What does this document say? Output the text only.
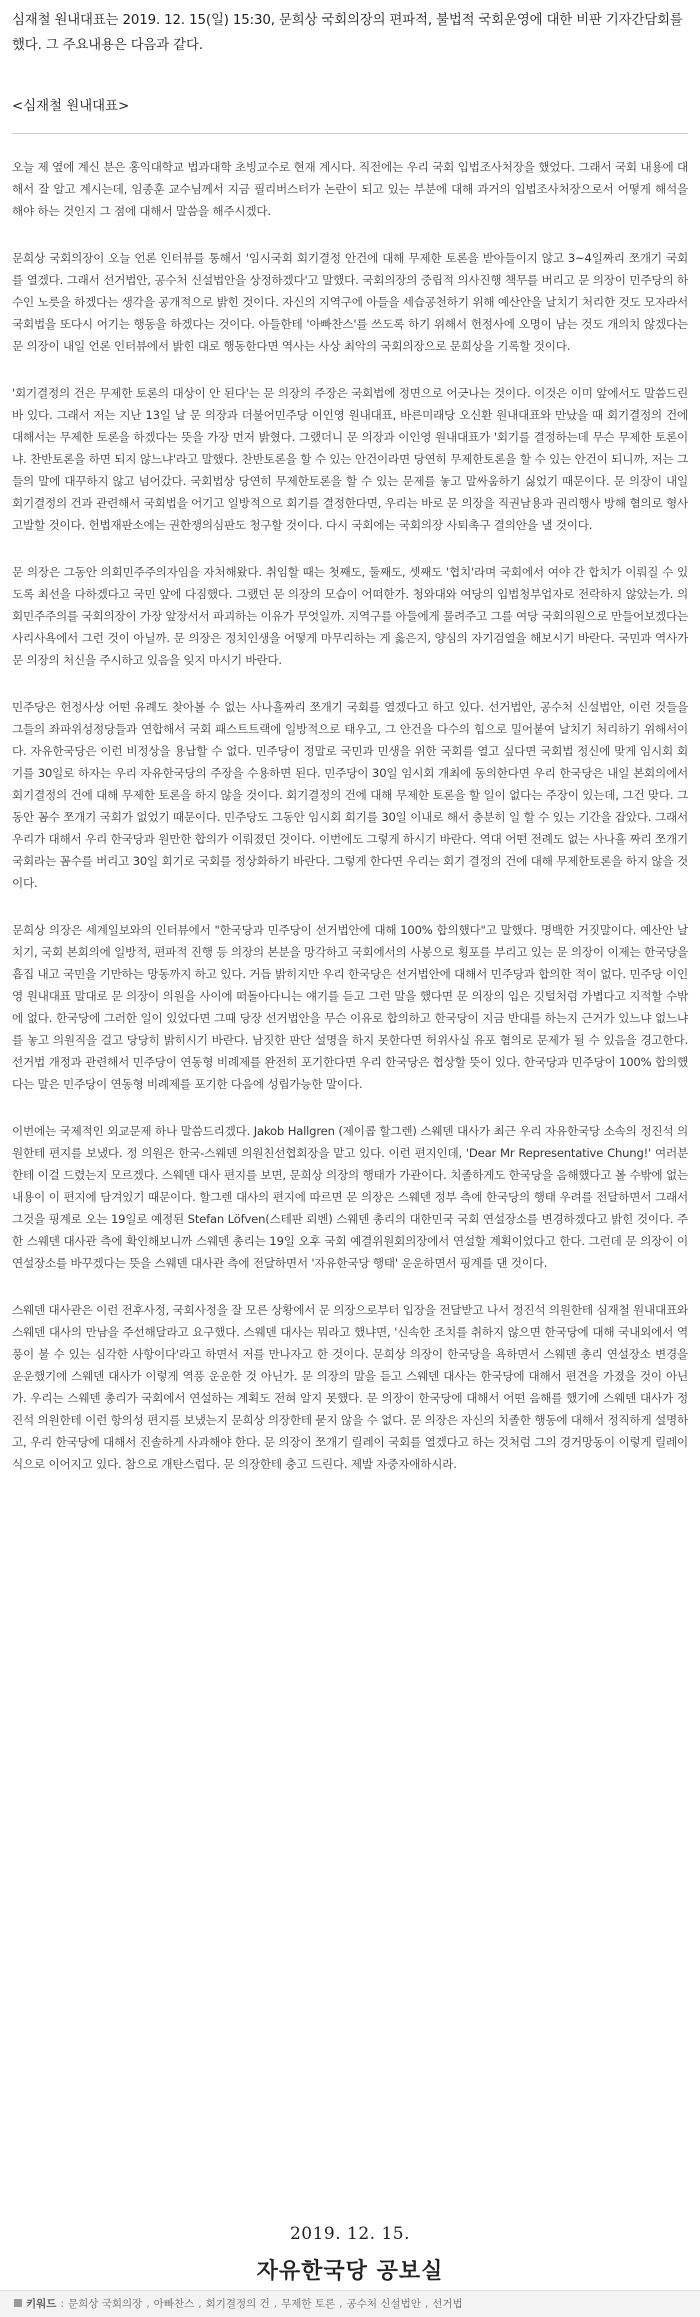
심재철 원내대표는 2019. 12. 15(일) 15:30, 문희상 국회의장의 편파적, 불법적 국회운영에 대한 비판 기자간담회를 했다. 그 주요내용은 다음과 같다.

<심재철 원내대표>

오늘 제 옆에 계신 분은 홍익대학교 법과대학 초빙교수로 현재 계시다. 직전에는 우리 국회 입법조사처장을 했었다. 그래서 국회 내용에 대해서 잘 알고 계시는데, 임종훈 교수님께서 지금 필리버스터가 논란이 되고 있는 부분에 대해 과거의 입법조사처장으로서 어떻게 해석을 해야 하는 것인지 그 점에 대해서 말씀을 해주시겠다.

문희상 국회의장이 오늘 언론 인터뷰를 통해서 '임시국회 회기결정 안건에 대해 무제한 토론을 받아들이지 않고 3~4일짜리 쪼개기 국회를 열겠다. 그래서 선거법안, 공수처 신설법안을 상정하겠다'고 말했다. 국회의장의 중립적 의사진행 책무를 버리고 문 의장이 민주당의 하수인 노릇을 하겠다는 생각을 공개적으로 밝힌 것이다. 자신의 지역구에 아들을 세습공천하기 위해 예산안을 날치기 처리한 것도 모자라서 국회법을 또다시 어기는 행동을 하겠다는 것이다. 아들한테 '아빠찬스'를 쓰도록 하기 위해서 헌정사에 오명이 남는 것도 개의치 않겠다는 문 의장이 내일 언론 인터뷰에서 밝힌 대로 행동한다면 역사는 사상 최악의 국회의장으로 문희상을 기록할 것이다.

'회기결정의 건은 무제한 토론의 대상이 안 된다'는 문 의장의 주장은 국회법에 정면으로 어긋나는 것이다. 이것은 이미 앞에서도 말씀드린 바 있다. 그래서 저는 지난 13일 날 문 의장과 더불어민주당 이인영 원내대표, 바른미래당 오신환 원내대표와 만났을 때 회기결정의 건에 대해서는 무제한 토론을 하겠다는 뜻을 가장 먼저 밝혔다. 그랬더니 문 의장과 이인영 원내대표가 '회기를 결정하는데 무슨 무제한 토론이냐. 찬반토론을 하면 되지 않느냐'라고 말했다. 찬반토론을 할 수 있는 안건이라면 당연히 무제한토론을 할 수 있는 안건이 되니까, 저는 그들의 말에 대꾸하지 않고 넘어갔다. 국회법상 당연히 무제한토론을 할 수 있는 문제를 놓고 말싸움하기 싫었기 때문이다. 문 의장이 내일 회기결정의 건과 관련해서 국회법을 어기고 일방적으로 회기를 결정한다면, 우리는 바로 문 의장을 직권남용과 권리행사 방해 혐의로 형사고발할 것이다. 헌법재판소에는 권한쟁의심판도 청구할 것이다. 다시 국회에는 국회의장 사퇴촉구 결의안을 낼 것이다.

문 의장은 그동안 의회민주주의자임을 자처해왔다. 취임할 때는 첫째도, 둘째도, 셋째도 '협치'라며 국회에서 여야 간 합치가 이뤄질 수 있도록 최선을 다하겠다고 국민 앞에 다짐했다. 그랬던 문 의장의 모습이 어떠한가. 청와대와 여당의 입법청부업자로 전락하지 않았는가. 의회민주주의를 국회의장이 가장 앞장서서 파괴하는 이유가 무엇일까. 지역구를 아들에게 물려주고 그를 여당 국회의원으로 만들어보겠다는 사리사욕에서 그런 것이 아닐까. 문 의장은 정치인생을 어떻게 마무리하는 게 옳은지, 양심의 자기검열을 해보시기 바란다. 국민과 역사가 문 의장의 처신을 주시하고 있음을 잊지 마시기 바란다.

민주당은 헌정사상 어떤 유례도 찾아볼 수 없는 사나흘짜리 쪼개기 국회를 열겠다고 하고 있다. 선거법안, 공수처 신설법안, 이런 것들을 그들의 좌파위성정당들과 연합해서 국회 패스트트랙에 일방적으로 태우고, 그 안건을 다수의 힘으로 밀어붙여 날치기 처리하기 위해서이다. 자유한국당은 이런 비정상을 용납할 수 없다. 민주당이 정말로 국민과 민생을 위한 국회를 열고 싶다면 국회법 정신에 맞게 임시회 회기를 30일로 하자는 우리 자유한국당의 주장을 수용하면 된다. 민주당이 30일 임시회 개최에 동의한다면 우리 한국당은 내일 본회의에서 회기결정의 건에 대해 무제한 토론을 하지 않을 것이다. 회기결정의 건에 대해 무제한 토론을 할 일이 없다는 주장이 있는데, 그건 맞다. 그동안 꼼수 쪼개기 국회가 없었기 때문이다. 민주당도 그동안 임시회 회기를 30일 이내로 해서 충분히 일 할 수 있는 기간을 잡았다. 그래서 우리가 대해서 우리 한국당과 원만한 합의가 이뤄졌던 것이다. 이번에도 그렇게 하시기 바란다. 역대 어떤 전례도 없는 사나흘 짜리 쪼개기 국회라는 꼼수를 버리고 30일 회기로 국회를 정상화하기 바란다. 그렇게 한다면 우리는 회기 결정의 건에 대해 무제한토론을 하지 않을 것이다.

문희상 의장은 세계일보와의 인터뷰에서 "한국당과 민주당이 선거법안에 대해 100% 합의했다"고 말했다. 명백한 거짓말이다. 예산안 날치기, 국회 본회의에 일방적, 편파적 진행 등 의장의 본분을 망각하고 국회에서의 사봉으로 횡포를 부리고 있는 문 의장이 이제는 한국당을 흠집 내고 국민을 기만하는 망동까지 하고 있다. 거듭 밝히지만 우리 한국당은 선거법안에 대해서 민주당과 합의한 적이 없다. 민주당 이인영 원내대표 말대로 문 의장이 의원을 사이에 떠돌아다니는 얘기를 듣고 그런 말을 했다면 문 의장의 입은 깃털처럼 가볍다고 지적할 수밖에 없다. 한국당에 그러한 일이 있었다면 그때 당장 선거법안을 무슨 이유로 합의하고 한국당이 지금 반대를 하는지 근거가 있느냐 없느냐를 놓고 의원직을 걸고 당당히 밝히시기 바란다. 남짓한 판단 설명을 하지 못한다면 허위사실 유포 혐의로 문제가 될 수 있음을 경고한다. 선거법 개정과 관련해서 민주당이 연동형 비례제를 완전히 포기한다면 우리 한국당은 협상할 뜻이 있다. 한국당과 민주당이 100% 합의했다는 말은 민주당이 연동형 비례제를 포기한 다음에 성립가능한 말이다.

이번에는 국제적인 외교문제 하나 말씀드리겠다. Jakob Hallgren (제이콥 할그렌) 스웨덴 대사가 최근 우리 자유한국당 소속의 정진석 의원한테 편지를 보냈다. 정 의원은 한국-스웨덴 의원친선협회장을 맡고 있다. 이런 편지인데, 'Dear Mr Representative Chung!' 여러분한테 이걸 드렸는지 모르겠다. 스웨덴 대사 편지를 보면, 문희상 의장의 행태가 가관이다. 치졸하게도 한국당을 음해했다고 볼 수밖에 없는 내용이 이 편지에 담겨있기 때문이다. 할그렌 대사의 편지에 따르면 문 의장은 스웨덴 정부 측에 한국당의 행태 우려를 전달하면서 그래서 그것을 핑계로 오는 19일로 예정된 Stefan Löfven(스테판 뢰벤) 스웨덴 총리의 대한민국 국회 연설장소를 변경하겠다고 밝힌 것이다. 주한 스웨덴 대사관 측에 확인해보니까 스웨덴 총리는 19일 오후 국회 예결위원회의장에서 연설할 계획이었다고 한다. 그런데 문 의장이 이 연설장소를 바꾸겠다는 뜻을 스웨덴 대사관 측에 전달하면서 '자유한국당 행태' 운운하면서 핑계를 댄 것이다.

스웨덴 대사관은 이런 전후사정, 국회사정을 잘 모른 상황에서 문 의장으로부터 입장을 전달받고 나서 정진석 의원한테 심재철 원내대표와 스웨덴 대사의 만남을 주선해달라고 요구했다. 스웨덴 대사는 뭐라고 했냐면, '신속한 조치를 취하지 않으면 한국당에 대해 국내외에서 역풍이 불 수 있는 심각한 사항이다'라고 하면서 저를 만나자고 한 것이다. 문희상 의장이 한국당을 욕하면서 스웨덴 총리 연설장소 변경을 운운했기에 스웨덴 대사가 이렇게 역풍 운운한 것 아닌가. 문 의장의 말을 듣고 스웨덴 대사는 한국당에 대해서 편견을 가졌을 것이 아닌가. 우리는 스웨덴 총리가 국회에서 연설하는 계획도 전혀 알지 못했다. 문 의장이 한국당에 대해서 어떤 음해를 했기에 스웨덴 대사가 정진석 의원한테 이런 항의성 편지를 보냈는지 문희상 의장한테 묻지 않을 수 없다. 문 의장은 자신의 치졸한 행동에 대해서 정직하게 설명하고, 우리 한국당에 대해서 진솔하게 사과해야 한다. 문 의장이 쪼개기 릴레이 국회를 열겠다고 하는 것처럼 그의 경거망동이 이렇게 릴레이식으로 이어지고 있다. 참으로 개탄스럽다. 문 의장한테 충고 드린다. 제발 자중자애하시라.

2019. 12. 15.
자유한국당 공보실
키워드 : 문희상 국회의장 , 아빠찬스 , 회기결정의 건 , 무제한 토론 , 공수처 신설법안 , 선거법
